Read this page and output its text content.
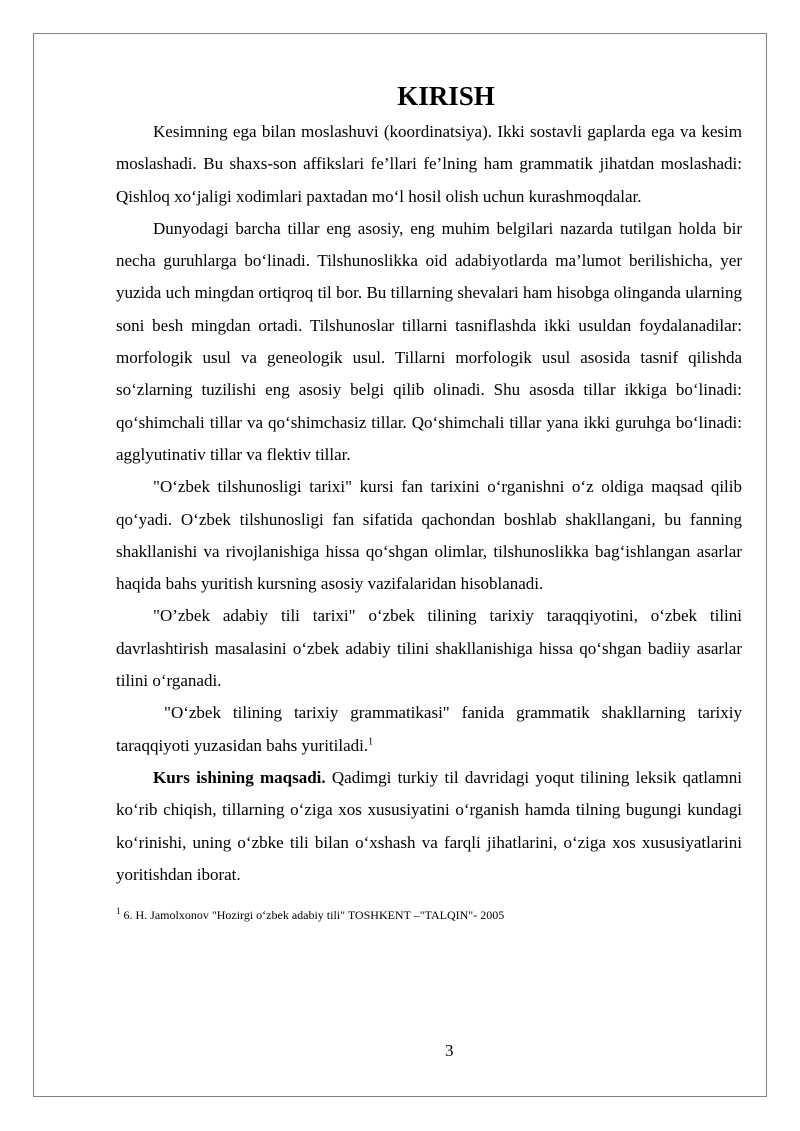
KIRISH

Kesimning ega bilan moslashuvi (koordinatsiya). Ikki sostavli gaplarda ega va kesim moslashadi. Bu shaxs-son affikslari fe’llari fe’lning ham grammatik jihatdan moslashadi: Qishloq xo‘jaligi xodimlari paxtadan mo‘l hosil olish uchun kurashmoqdalar.

Dunyodagi barcha tillar eng asosiy, eng muhim belgilari nazarda tutilgan holda bir necha guruhlarga bo‘linadi. Tilshunoslikka oid adabiyotlarda ma’lumot berilishicha, yer yuzida uch mingdan ortiqroq til bor. Bu tillarning shevalari ham hisobga olinganda ularning soni besh mingdan ortadi. Tilshunoslar tillarni tasniflashda ikki usuldan foydalanadilar: morfologik usul va geneologik usul. Tillarni morfologik usul asosida tasnif qilishda so‘zlarning tuzilishi eng asosiy belgi qilib olinadi. Shu asosda tillar ikkiga bo‘linadi: qo‘shimchali tillar va qo‘shimchasiz tillar. Qo‘shimchali tillar yana ikki guruhga bo‘linadi: agglyutinativ tillar va flektiv tillar.

"O‘zbek tilshunosligi tarixi" kursi fan tarixini o‘rganishni o‘z oldiga maqsad qilib qo‘yadi. O‘zbek tilshunosligi fan sifatida qachondan boshlab shakllangani, bu fanning shakllanishi va rivojlanishiga hissa qo‘shgan olimlar, tilshunoslikka bag‘ishlangan asarlar haqida bahs yuritish kursning asosiy vazifalaridan hisoblanadi.

"O’zbek adabiy tili tarixi" o‘zbek tilining tarixiy taraqqiyotini, o‘zbek tilini davrlashtirish masalasini o‘zbek adabiy tilini shakllanishiga hissa qo‘shgan badiiy asarlar tilini o‘rganadi.

"O‘zbek tilining tarixiy grammatikasi" fanida grammatik shakllarning tarixiy taraqqiyoti yuzasidan bahs yuritiladi.$^1$

Kurs ishining maqsadi. Qadimgi turkiy til davridagi yoqut tilining leksik qatlamni ko‘rib chiqish, tillarning o‘ziga xos xususiyatini o‘rganish hamda tilning bugungi kundagi ko‘rinishi, uning o‘zbke tili bilan o‘xshash va farqli jihatlarini, o‘ziga xos xususiyatlarini yoritishdan iborat.

$^1$ 6. H. Jamolxonov "Hozirgi o‘zbek adabiy tili" TOSHKENT –"TALQIN"- 2005
3
